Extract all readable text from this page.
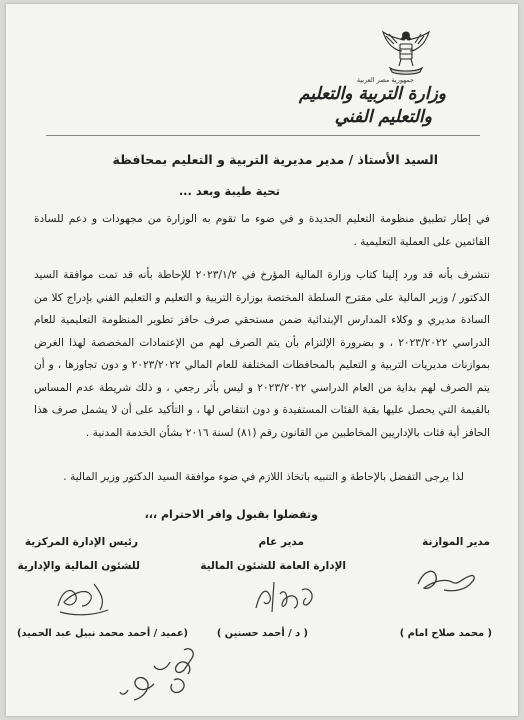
جمهورية مصر العربية
وزارة التربية والتعليم
والتعليم الفني
السيد الأستاذ / مدير مديرية التربية و التعليم بمحافظة
تحية طيبة وبعد ...
في إطار تطبيق منظومة التعليم الجديدة و في ضوء ما تقوم به الوزارة من مجهودات و دعم للسادة القائمين على العملية التعليمية .
نتشرف بأنه قد ورد إلينا كتاب وزارة المالية المؤرخ في ٢٠٢٣/١/٢ للإحاطة بأنه قد تمت موافقة السيد الدكتور / وزير المالية على مقترح السلطة المختصة بوزارة التربية و التعليم و التعليم الفني بإدراج كلا من السادة مديري و وكلاء المدارس الإبتدائية ضمن مستحقي صرف حافز تطوير المنظومة التعليمية للعام الدراسي ٢٠٢٣/٢٠٢٢ ، و بضرورة الإلتزام بأن يتم الصرف لهم من الإعتمادات المخصصة لهذا الغرض بموازنات مديريات التربية و التعليم بالمحافظات المختلفة للعام المالي ٢٠٢٣/٢٠٢٢ و دون تجاوزها ، و أن يتم الصرف لهم بداية من العام الدراسي ٢٠٢٣/٢٠٢٢ و ليس بأثر رجعي ، و ذلك شريطة عدم المساس بالقيمة التي يحصل عليها بقية الفئات المستفيدة و دون انتقاص لها ، و التأكيد على أن لا يشمل صرف هذا الحافز أية فئات بالإداريين المخاطبين من القانون رقم (٨١) لسنة ٢٠١٦ بشأن الخدمة المدنية .
لذا يرجى التفضل بالإحاطة و التنبيه باتخاذ اللازم في ضوء موافقة السيد الدكتور وزير المالية .
وتفضلوا بقبول وافر الاحترام ،،،
مدير الموازنة
( محمد صلاح امام )
مدير عام
الإدارة العامة للشئون المالية
( د / أحمد حسنين )
رئيس الإدارة المركزية
للشئون المالية والإدارية
(عميد / أحمد محمد نبيل عبد الحميد)
